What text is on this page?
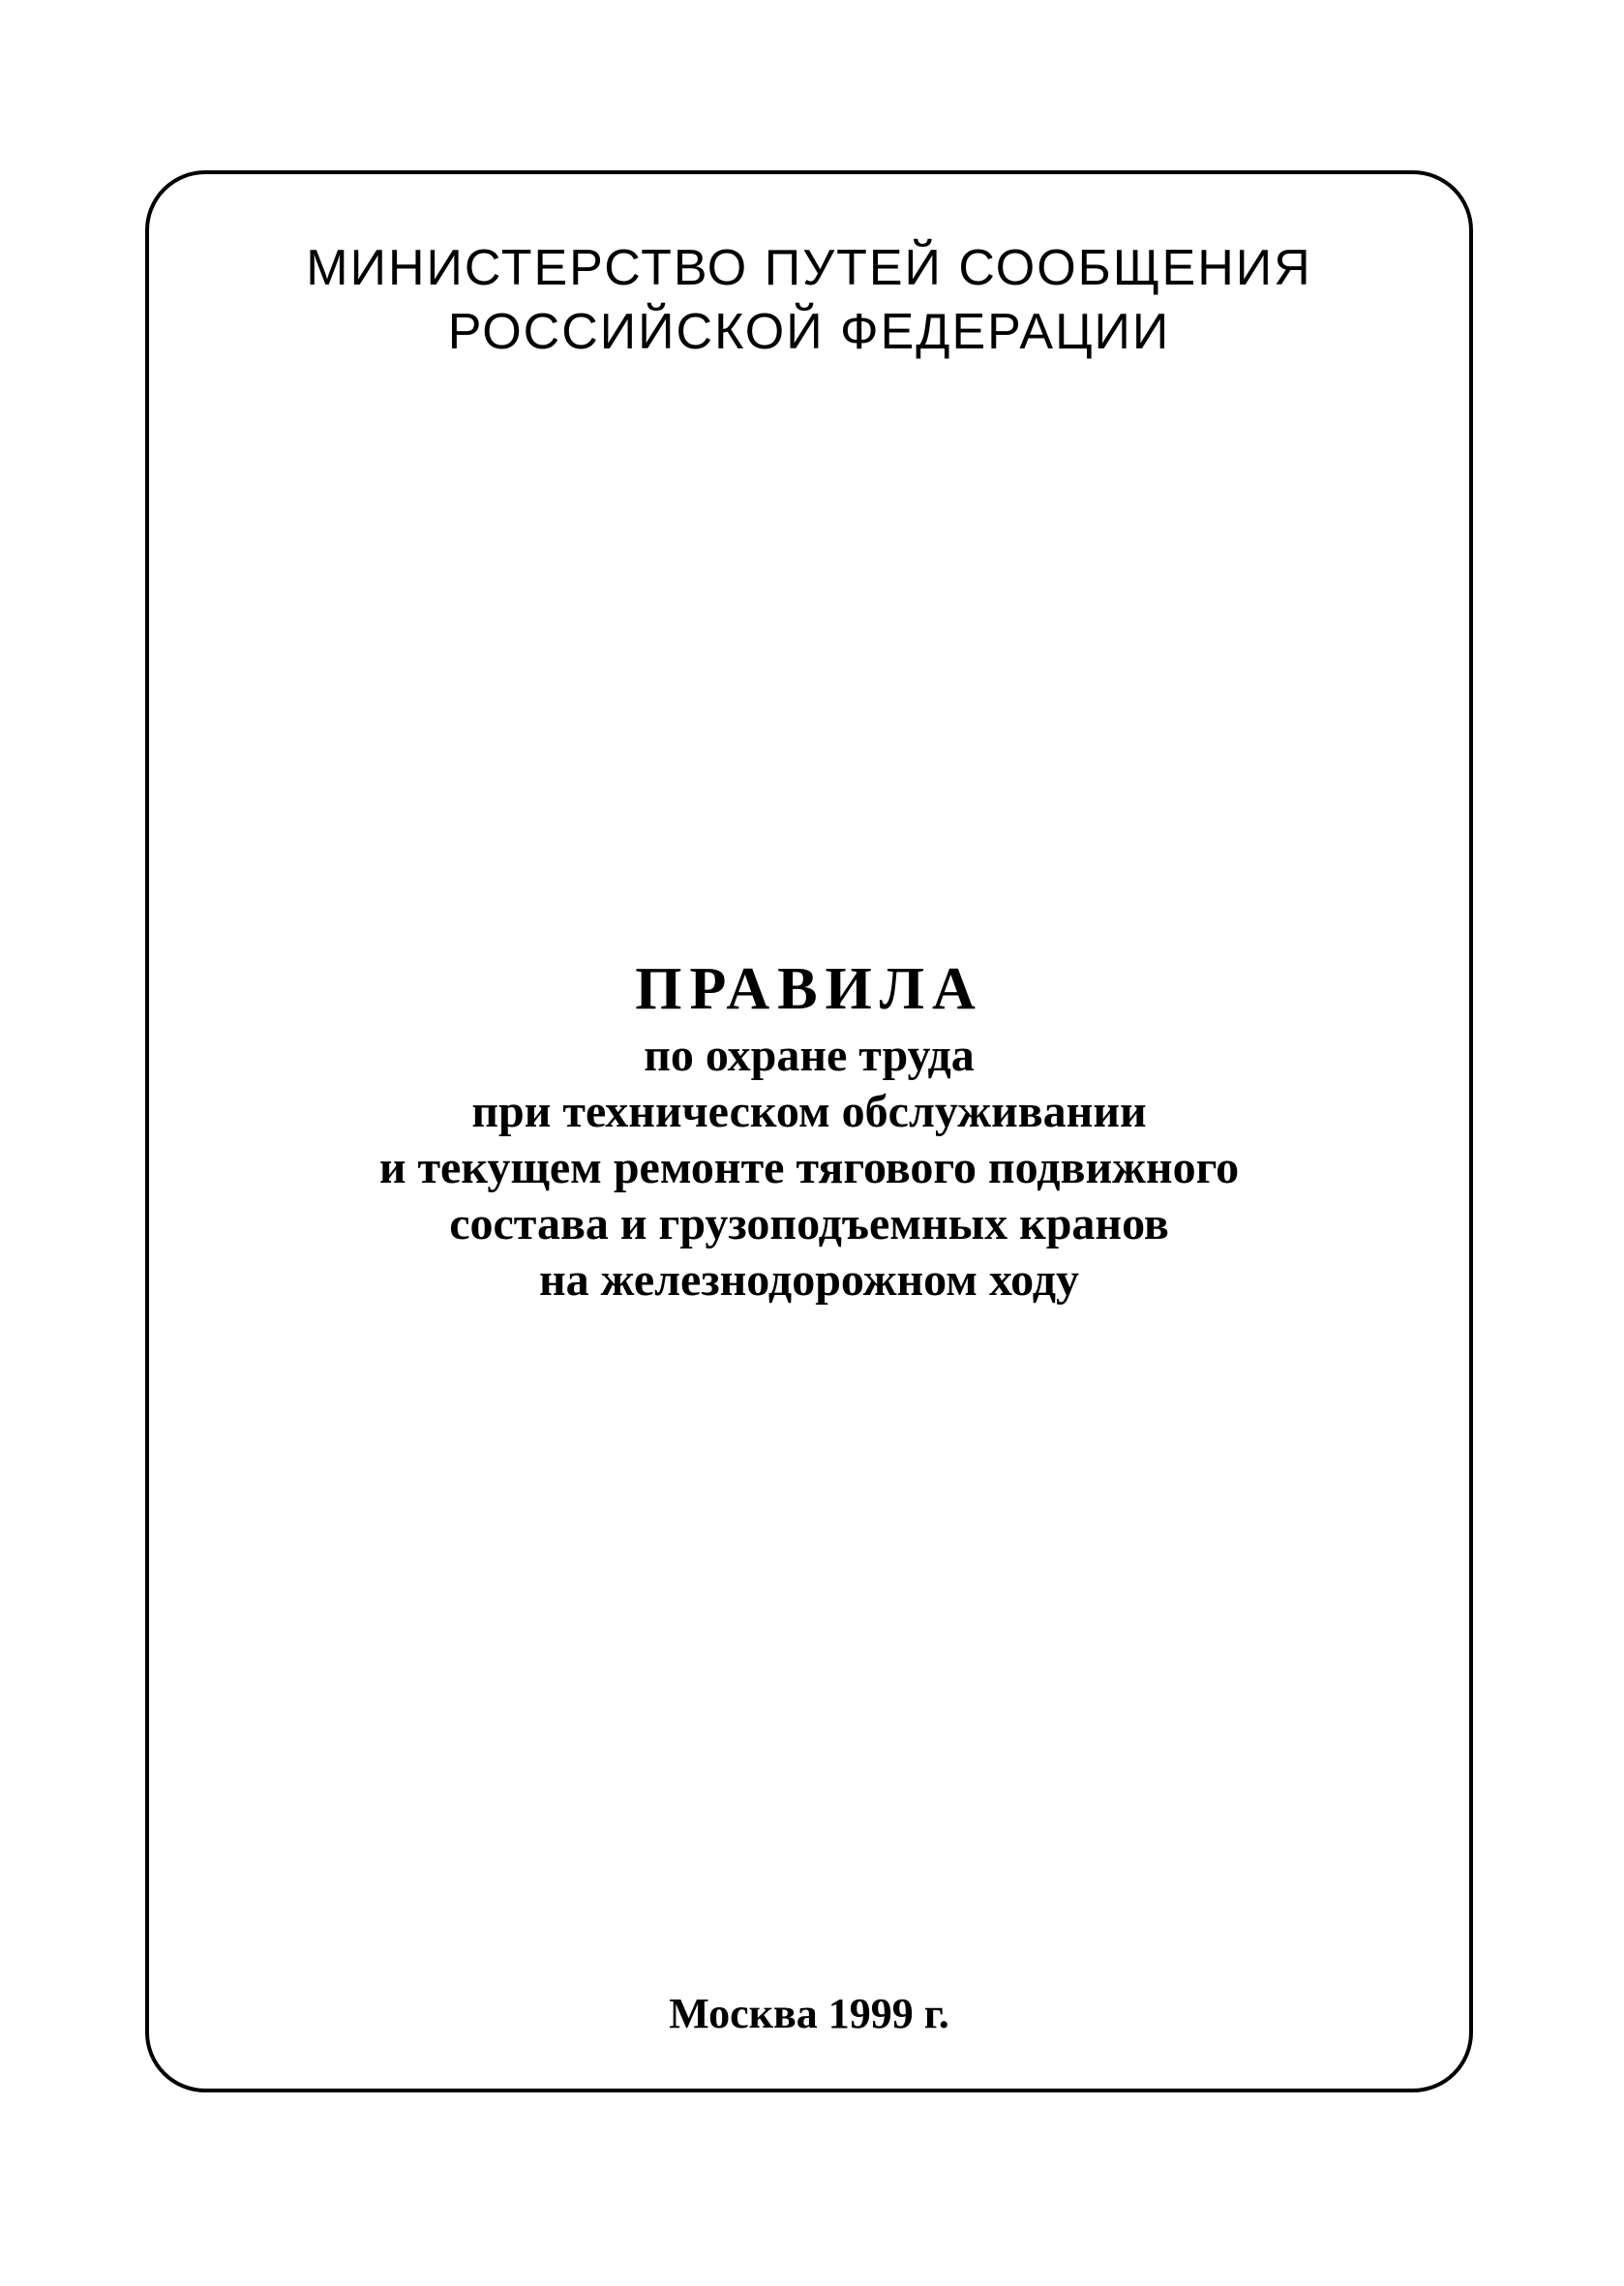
МИНИСТЕРСТВО ПУТЕЙ СООБЩЕНИЯ
РОССИЙСКОЙ ФЕДЕРАЦИИ
ПРАВИЛА
по охране труда
при техническом обслуживании
и текущем ремонте тягового подвижного
состава и грузоподъемных кранов
на железнодорожном ходу
Москва 1999 г.
